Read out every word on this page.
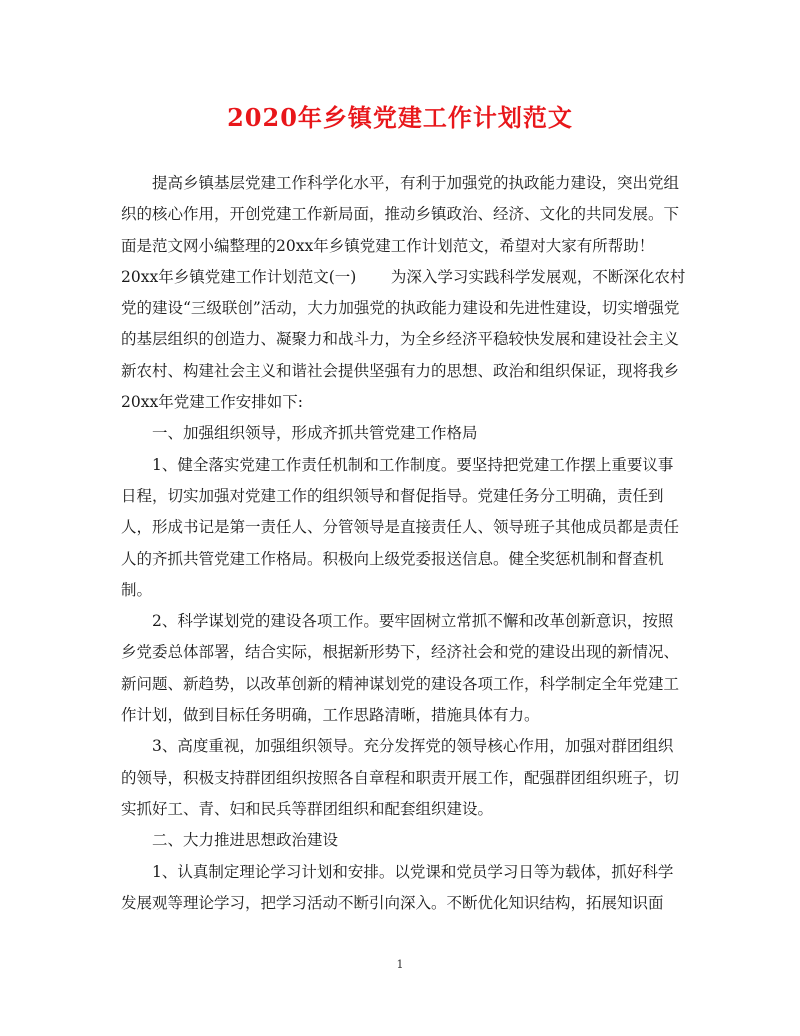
2020年乡镇党建工作计划范文

提高乡镇基层党建工作科学化水平，有利于加强党的执政能力建设，突出党组织的核心作用，开创党建工作新局面，推动乡镇政治、经济、文化的共同发展。下面是范文网小编整理的20xx年乡镇党建工作计划范文，希望对大家有所帮助！

20xx年乡镇党建工作计划范文(一) 为深入学习实践科学发展观，不断深化农村党的建设“三级联创”活动，大力加强党的执政能力建设和先进性建设，切实增强党的基层组织的创造力、凝聚力和战斗力，为全乡经济平稳较快发展和建设社会主义新农村、构建社会主义和谐社会提供坚强有力的思想、政治和组织保证，现将我乡20xx年党建工作安排如下:

一、加强组织领导，形成齐抓共管党建工作格局

1、健全落实党建工作责任机制和工作制度。要坚持把党建工作摆上重要议事日程，切实加强对党建工作的组织领导和督促指导。党建任务分工明确，责任到人，形成书记是第一责任人、分管领导是直接责任人、领导班子其他成员都是责任人的齐抓共管党建工作格局。积极向上级党委报送信息。健全奖惩机制和督查机制。

2、科学谋划党的建设各项工作。要牢固树立常抓不懈和改革创新意识，按照乡党委总体部署，结合实际，根据新形势下，经济社会和党的建设出现的新情况、新问题、新趋势，以改革创新的精神谋划党的建设各项工作，科学制定全年党建工作计划，做到目标任务明确，工作思路清晰，措施具体有力。

3、高度重视，加强组织领导。充分发挥党的领导核心作用，加强对群团组织的领导，积极支持群团组织按照各自章程和职责开展工作，配强群团组织班子，切实抓好工、青、妇和民兵等群团组织和配套组织建设。

二、大力推进思想政治建设

1、认真制定理论学习计划和安排。以党课和党员学习日等为载体，抓好科学发展观等理论学习，把学习活动不断引向深入。不断优化知识结构，拓展知识面

1
